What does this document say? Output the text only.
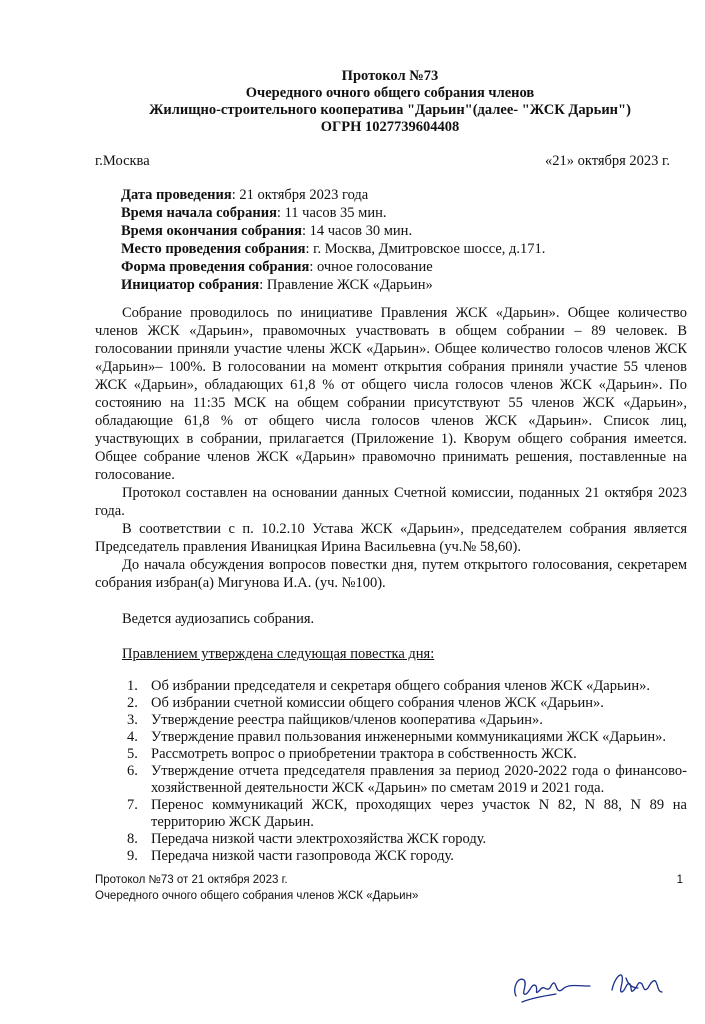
Протокол №73
Очередного очного общего собрания членов
Жилищно-строительного кооператива "Дарьин"(далее- "ЖСК Дарьин")
ОГРН 1027739604408
г.Москва	«21» октября 2023 г.
Дата проведения: 21 октября 2023 года
Время начала собрания: 11 часов 35 мин.
Время окончания собрания: 14 часов 30 мин.
Место проведения собрания: г. Москва, Дмитровское шоссе, д.171.
Форма проведения собрания: очное голосование
Инициатор собрания: Правление ЖСК «Дарьин»

Собрание проводилось по инициативе Правления ЖСК «Дарьин». Общее количество членов ЖСК «Дарьин», правомочных участвовать в общем собрании – 89 человек. В голосовании приняли участие члены ЖСК «Дарьин». Общее количество голосов членов ЖСК «Дарьин»– 100%. В голосовании на момент открытия собрания приняли участие 55 членов ЖСК «Дарьин», обладающих 61,8 % от общего числа голосов членов ЖСК «Дарьин». По состоянию на 11:35 МСК на общем собрании присутствуют 55 членов ЖСК «Дарьин», обладающие 61,8 % от общего числа голосов членов ЖСК «Дарьин». Список лиц, участвующих в собрании, прилагается (Приложение 1). Кворум общего собрания имеется. Общее собрание членов ЖСК «Дарьин» правомочно принимать решения, поставленные на голосование.

Протокол составлен на основании данных Счетной комиссии, поданных 21 октября 2023 года.

В соответствии с п. 10.2.10 Устава ЖСК «Дарьин», председателем собрания является Председатель правления Иваницкая Ирина Васильевна (уч.№ 58,60).

До начала обсуждения вопросов повестки дня, путем открытого голосования, секретарем собрания избран(а) Мигунова И.А. (уч. №100).

Ведется аудиозапись собрания.

Правлением утверждена следующая повестка дня:

1. Об избрании председателя и секретаря общего собрания членов ЖСК «Дарьин».
2. Об избрании счетной комиссии общего собрания членов ЖСК «Дарьин».
3. Утверждение реестра пайщиков/членов кооператива «Дарьин».
4. Утверждение правил пользования инженерными коммуникациями ЖСК «Дарьин».
5. Рассмотреть вопрос о приобретении трактора в собственность ЖСК.
6. Утверждение отчета председателя правления за период 2020-2022 года о финансово-хозяйственной деятельности ЖСК «Дарьин» по сметам 2019 и 2021 года.
7. Перенос коммуникаций ЖСК, проходящих через участок N 82, N 88, N 89 на территорию ЖСК Дарьин.
8. Передача низкой части электрохозяйства ЖСК городу.
9. Передача низкой части газопровода ЖСК городу.
Протокол №73 от 21 октября 2023 г.
Очередного очного общего собрания членов ЖСК «Дарьин»
1
